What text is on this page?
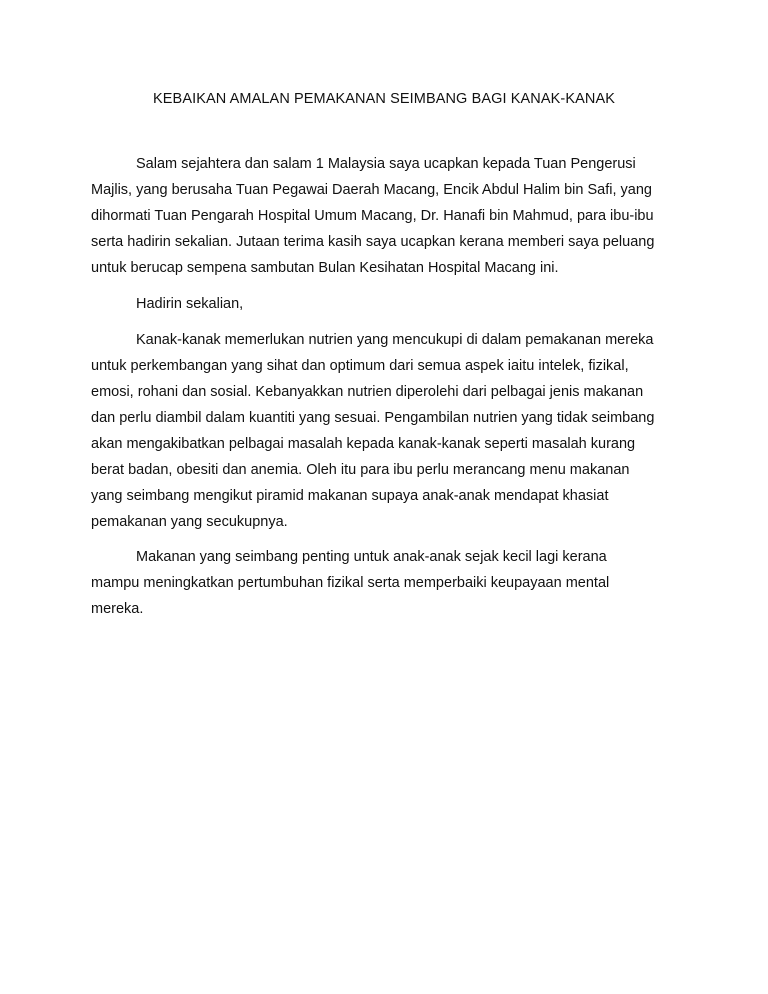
KEBAIKAN AMALAN PEMAKANAN SEIMBANG BAGI KANAK-KANAK

Salam sejahtera dan salam 1 Malaysia saya ucapkan kepada Tuan Pengerusi
Majlis, yang berusaha Tuan Pegawai Daerah Macang, Encik Abdul Halim bin Safi, yang
dihormati Tuan Pengarah Hospital Umum Macang, Dr. Hanafi bin Mahmud, para ibu-ibu
serta hadirin sekalian. Jutaan terima kasih saya ucapkan kerana memberi saya peluang
untuk berucap sempena sambutan Bulan Kesihatan Hospital Macang ini.

Hadirin sekalian,

Kanak-kanak memerlukan nutrien yang mencukupi di dalam pemakanan mereka
untuk perkembangan yang sihat dan optimum dari semua aspek iaitu intelek, fizikal,
emosi, rohani dan sosial. Kebanyakkan nutrien diperolehi dari pelbagai jenis makanan
dan perlu diambil dalam kuantiti yang sesuai. Pengambilan nutrien yang tidak seimbang
akan mengakibatkan pelbagai masalah kepada kanak-kanak seperti masalah kurang
berat badan, obesiti dan anemia. Oleh itu para ibu perlu merancang menu makanan
yang seimbang mengikut piramid makanan supaya anak-anak mendapat khasiat
pemakanan yang secukupnya.

Makanan yang seimbang penting untuk anak-anak sejak kecil lagi kerana
mampu meningkatkan pertumbuhan fizikal serta memperbaiki keupayaan mental
mereka.
